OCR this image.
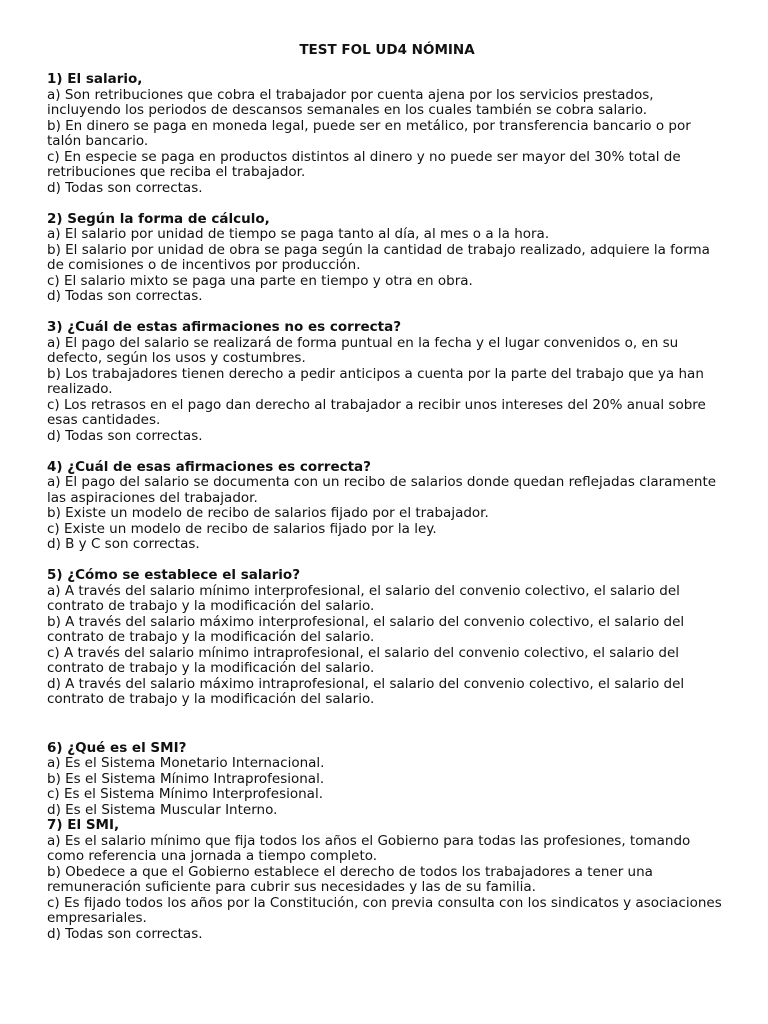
TEST FOL UD4 NÓMINA

1) El salario,

a) Son retribuciones que cobra el trabajador por cuenta ajena por los servicios prestados, incluyendo los periodos de descansos semanales en los cuales también se cobra salario.

b) En dinero se paga en moneda legal, puede ser en metálico, por transferencia bancario o por talón bancario.

c) En especie se paga en productos distintos al dinero y no puede ser mayor del 30% total de retribuciones que reciba el trabajador.

d) Todas son correctas.

2) Según la forma de cálculo,

a) El salario por unidad de tiempo se paga tanto al día, al mes o a la hora.

b) El salario por unidad de obra se paga según la cantidad de trabajo realizado, adquiere la forma de comisiones o de incentivos por producción.

c) El salario mixto se paga una parte en tiempo y otra en obra.

d) Todas son correctas.

3) ¿Cuál de estas afirmaciones no es correcta?

a) El pago del salario se realizará de forma puntual en la fecha y el lugar convenidos o, en su defecto, según los usos y costumbres.

b) Los trabajadores tienen derecho a pedir anticipos a cuenta por la parte del trabajo que ya han realizado.

c) Los retrasos en el pago dan derecho al trabajador a recibir unos intereses del 20% anual sobre esas cantidades.

d) Todas son correctas.

4) ¿Cuál de esas afirmaciones es correcta?

a) El pago del salario se documenta con un recibo de salarios donde quedan reflejadas claramente las aspiraciones del trabajador.

b) Existe un modelo de recibo de salarios fijado por el trabajador.

c) Existe un modelo de recibo de salarios fijado por la ley.

d) B y C son correctas.

5) ¿Cómo se establece el salario?

a) A través del salario mínimo interprofesional, el salario del convenio colectivo, el salario del contrato de trabajo y la modificación del salario.

b) A través del salario máximo interprofesional, el salario del convenio colectivo, el salario del contrato de trabajo y la modificación del salario.

c) A través del salario mínimo intraprofesional, el salario del convenio colectivo, el salario del contrato de trabajo y la modificación del salario.

d) A través del salario máximo intraprofesional, el salario del convenio colectivo, el salario del contrato de trabajo y la modificación del salario.

6) ¿Qué es el SMI?

a) Es el Sistema Monetario Internacional.

b) Es el Sistema Mínimo Intraprofesional.

c) Es el Sistema Mínimo Interprofesional.

d) Es el Sistema Muscular Interno.

7) El SMI,

a) Es el salario mínimo que fija todos los años el Gobierno para todas las profesiones, tomando como referencia una jornada a tiempo completo.

b) Obedece a que el Gobierno establece el derecho de todos los trabajadores a tener una remuneración suficiente para cubrir sus necesidades y las de su familia.

c) Es fijado todos los años por la Constitución, con previa consulta con los sindicatos y asociaciones empresariales.

d) Todas son correctas.
